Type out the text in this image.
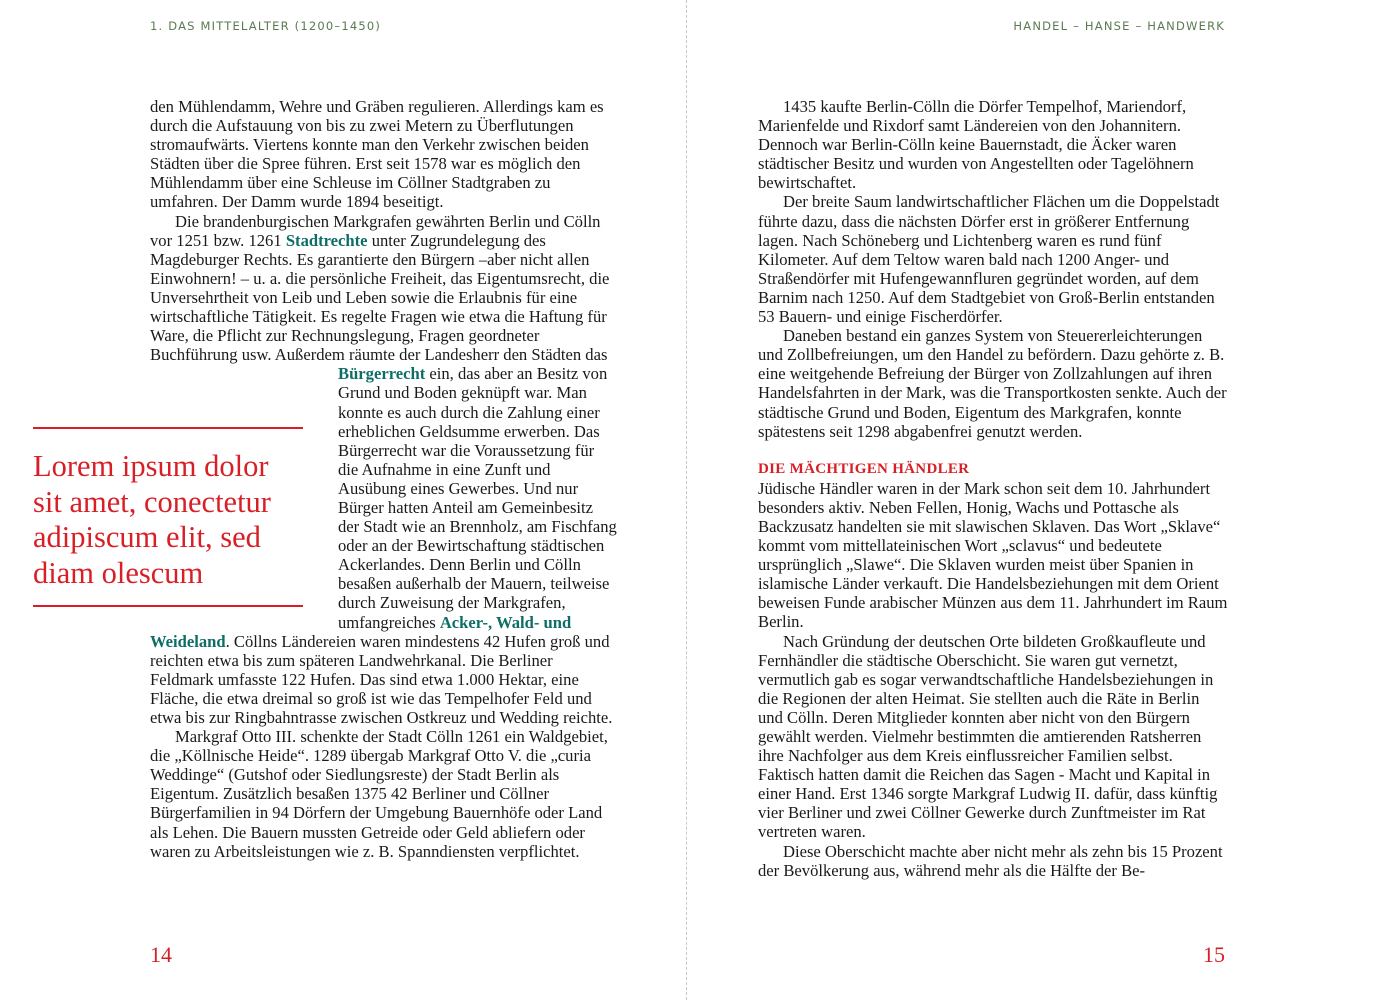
1. DAS MITTELALTER (1200–1450)

den Mühlendamm, Wehre und Gräben regulieren. Allerdings kam es durch die Aufstauung von bis zu zwei Metern zu Überflutungen stromaufwärts. Viertens konnte man den Verkehr zwischen beiden Städten über die Spree führen. Erst seit 1578 war es möglich den Mühlendamm über eine Schleuse im Cöllner Stadtgraben zu umfahren. Der Damm wurde 1894 beseitigt.

Die brandenburgischen Markgrafen gewährten Berlin und Cölln vor 1251 bzw. 1261 Stadtrechte unter Zugrundelegung des Magdeburger Rechts. Es garantierte den Bürgern –aber nicht allen Einwohnern! – u. a. die persönliche Freiheit, das Eigentumsrecht, die Unversehrtheit von Leib und Leben sowie die Erlaubnis für eine wirtschaftliche Tätigkeit. Es regelte Fragen wie etwa die Haftung für Ware, die Pflicht zur Rechnungslegung, Fragen geordneter Buchführung usw. Außerdem räumte der Landesherr den Städten das Bürgerrecht
ein, das aber an Besitz von Grund und Boden geknüpft war. Man konnte es auch durch die Zahlung einer erheblichen Geldsumme erwerben. Das Bürgerrecht war die Voraussetzung für die Aufnahme in eine Zunft und Ausübung eines Gewerbes. Und nur Bürger hatten Anteil am Gemeinbesitz der Stadt wie an Brennholz, am Fischfang oder an der Bewirtschaftung städtischen Ackerlandes. Denn Berlin und Cölln besaßen außerhalb der Mauern, teilweise durch Zuweisung der Markgrafen, umfangreiches Acker-, Wald- und Weideland. Cöllns Ländereien waren mindestens 42 Hufen groß und reichten etwa bis zum späteren Landwehrkanal. Die Berliner Feldmark umfasste 122 Hufen. Das sind etwa 1.000 Hektar, eine Fläche, die etwa dreimal so groß ist wie das Tempelhofer Feld und etwa bis zur Ringbahntrasse zwischen Ostkreuz und Wedding reichte.

Markgraf Otto III. schenkte der Stadt Cölln 1261 ein Waldgebiet, die „Köllnische Heide“. 1289 übergab Markgraf Otto V. die „curia Weddinge“ (Gutshof oder Siedlungsreste) der Stadt Berlin als Eigentum. Zusätzlich besaßen 1375 42 Berliner und Cöllner Bürgerfamilien in 94 Dörfern der Umgebung Bauernhöfe oder Land als Lehen. Die Bauern mussten Getreide oder Geld abliefern oder waren zu Arbeitsleistungen wie z. B. Spanndiensten verpflichtet.

Lorem ipsum dolor sit amet, conectetur adipiscum elit, sed diam olescum
14
HANDEL – HANSE – HANDWERK

1435 kaufte Berlin-Cölln die Dörfer Tempelhof, Mariendorf, Marienfelde und Rixdorf samt Ländereien von den Johannitern. Dennoch war Berlin-Cölln keine Bauernstadt, die Äcker waren städtischer Besitz und wurden von Angestellten oder Tagelöhnern bewirtschaftet.

Der breite Saum landwirtschaftlicher Flächen um die Doppelstadt führte dazu, dass die nächsten Dörfer erst in größerer Entfernung lagen. Nach Schöneberg und Lichtenberg waren es rund fünf Kilometer. Auf dem Teltow waren bald nach 1200 Anger- und Straßendörfer mit Hufengewannfluren gegründet worden, auf dem Barnim nach 1250. Auf dem Stadtgebiet von Groß-Berlin entstanden 53 Bauern- und einige Fischerdörfer.

Daneben bestand ein ganzes System von Steuererleichterungen und Zollbefreiungen, um den Handel zu befördern. Dazu gehörte z. B. eine weitgehende Befreiung der Bürger von Zollzahlungen auf ihren Handelsfahrten in der Mark, was die Transportkosten senkte. Auch der städtische Grund und Boden, Eigentum des Markgrafen, konnte spätestens seit 1298 abgabenfrei genutzt werden.

DIE MÄCHTIGEN HÄNDLER

Jüdische Händler waren in der Mark schon seit dem 10. Jahrhundert besonders aktiv. Neben Fellen, Honig, Wachs und Pottasche als Backzusatz handelten sie mit slawischen Sklaven. Das Wort „Sklave“ kommt vom mittellateinischen Wort „sclavus“ und bedeutete ursprünglich „Slawe“. Die Sklaven wurden meist über Spanien in islamische Länder verkauft. Die Handelsbeziehungen mit dem Orient beweisen Funde arabischer Münzen aus dem 11. Jahrhundert im Raum Berlin.

Nach Gründung der deutschen Orte bildeten Großkaufleute und Fernhändler die städtische Oberschicht. Sie waren gut vernetzt, vermutlich gab es sogar verwandtschaftliche Handelsbeziehungen in die Regionen der alten Heimat. Sie stellten auch die Räte in Berlin und Cölln. Deren Mitglieder konnten aber nicht von den Bürgern gewählt werden. Vielmehr bestimmten die amtierenden Ratsherren ihre Nachfolger aus dem Kreis einflussreicher Familien selbst. Faktisch hatten damit die Reichen das Sagen - Macht und Kapital in einer Hand. Erst 1346 sorgte Markgraf Ludwig II. dafür, dass künftig vier Berliner und zwei Cöllner Gewerke durch Zunftmeister im Rat vertreten waren.

Diese Oberschicht machte aber nicht mehr als zehn bis 15 Prozent der Bevölkerung aus, während mehr als die Hälfte der Be-

15
